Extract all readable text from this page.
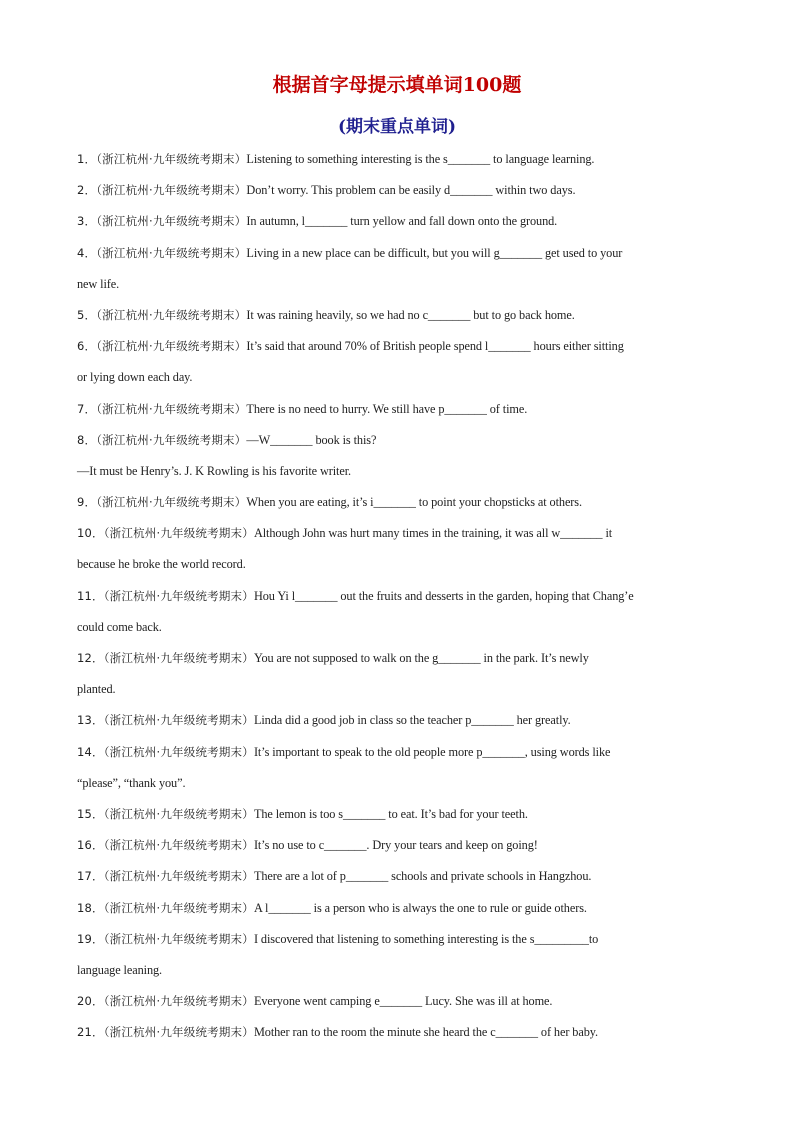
根据首字母提示填单词100题
(期末重点单词)
1．（浙江杭州·九年级统考期末）Listening to something interesting is the s_______ to language learning.
2．（浙江杭州·九年级统考期末）Don’t worry. This problem can be easily d_______ within two days.
3．（浙江杭州·九年级统考期末）In autumn, l_______ turn yellow and fall down onto the ground.
4．（浙江杭州·九年级统考期末）Living in a new place can be difficult, but you will g_______ get used to your
new life.
5．（浙江杭州·九年级统考期末）It was raining heavily, so we had no c_______ but to go back home.
6．（浙江杭州·九年级统考期末）It’s said that around 70% of British people spend l_______ hours either sitting
or lying down each day.
7．（浙江杭州·九年级统考期末）There is no need to hurry. We still have p_______ of time.
8．（浙江杭州·九年级统考期末）—W_______ book is this?
—It must be Henry’s. J. K Rowling is his favorite writer.
9．（浙江杭州·九年级统考期末）When you are eating, it’s i_______ to point your chopsticks at others.
10．（浙江杭州·九年级统考期末）Although John was hurt many times in the training, it was all w_______ it
because he broke the world record.
11．（浙江杭州·九年级统考期末）Hou Yi l_______ out the fruits and desserts in the garden, hoping that Chang’e
could come back.
12．（浙江杭州·九年级统考期末）You are not supposed to walk on the g_______ in the park. It’s newly
planted.
13．（浙江杭州·九年级统考期末）Linda did a good job in class so the teacher p_______ her greatly.
14．（浙江杭州·九年级统考期末）It’s important to speak to the old people more p_______, using words like
“please”, “thank you”.
15．（浙江杭州·九年级统考期末）The lemon is too s_______ to eat. It’s bad for your teeth.
16．（浙江杭州·九年级统考期末）It’s no use to c_______. Dry your tears and keep on going!
17．（浙江杭州·九年级统考期末）There are a lot of p_______ schools and private schools in Hangzhou.
18．（浙江杭州·九年级统考期末）A l_______ is a person who is always the one to rule or guide others.
19．（浙江杭州·九年级统考期末）I discovered that listening to something interesting is the s_________to
language leaning.
20．（浙江杭州·九年级统考期末）Everyone went camping e_______ Lucy. She was ill at home.
21．（浙江杭州·九年级统考期末）Mother ran to the room the minute she heard the c_______ of her baby.
